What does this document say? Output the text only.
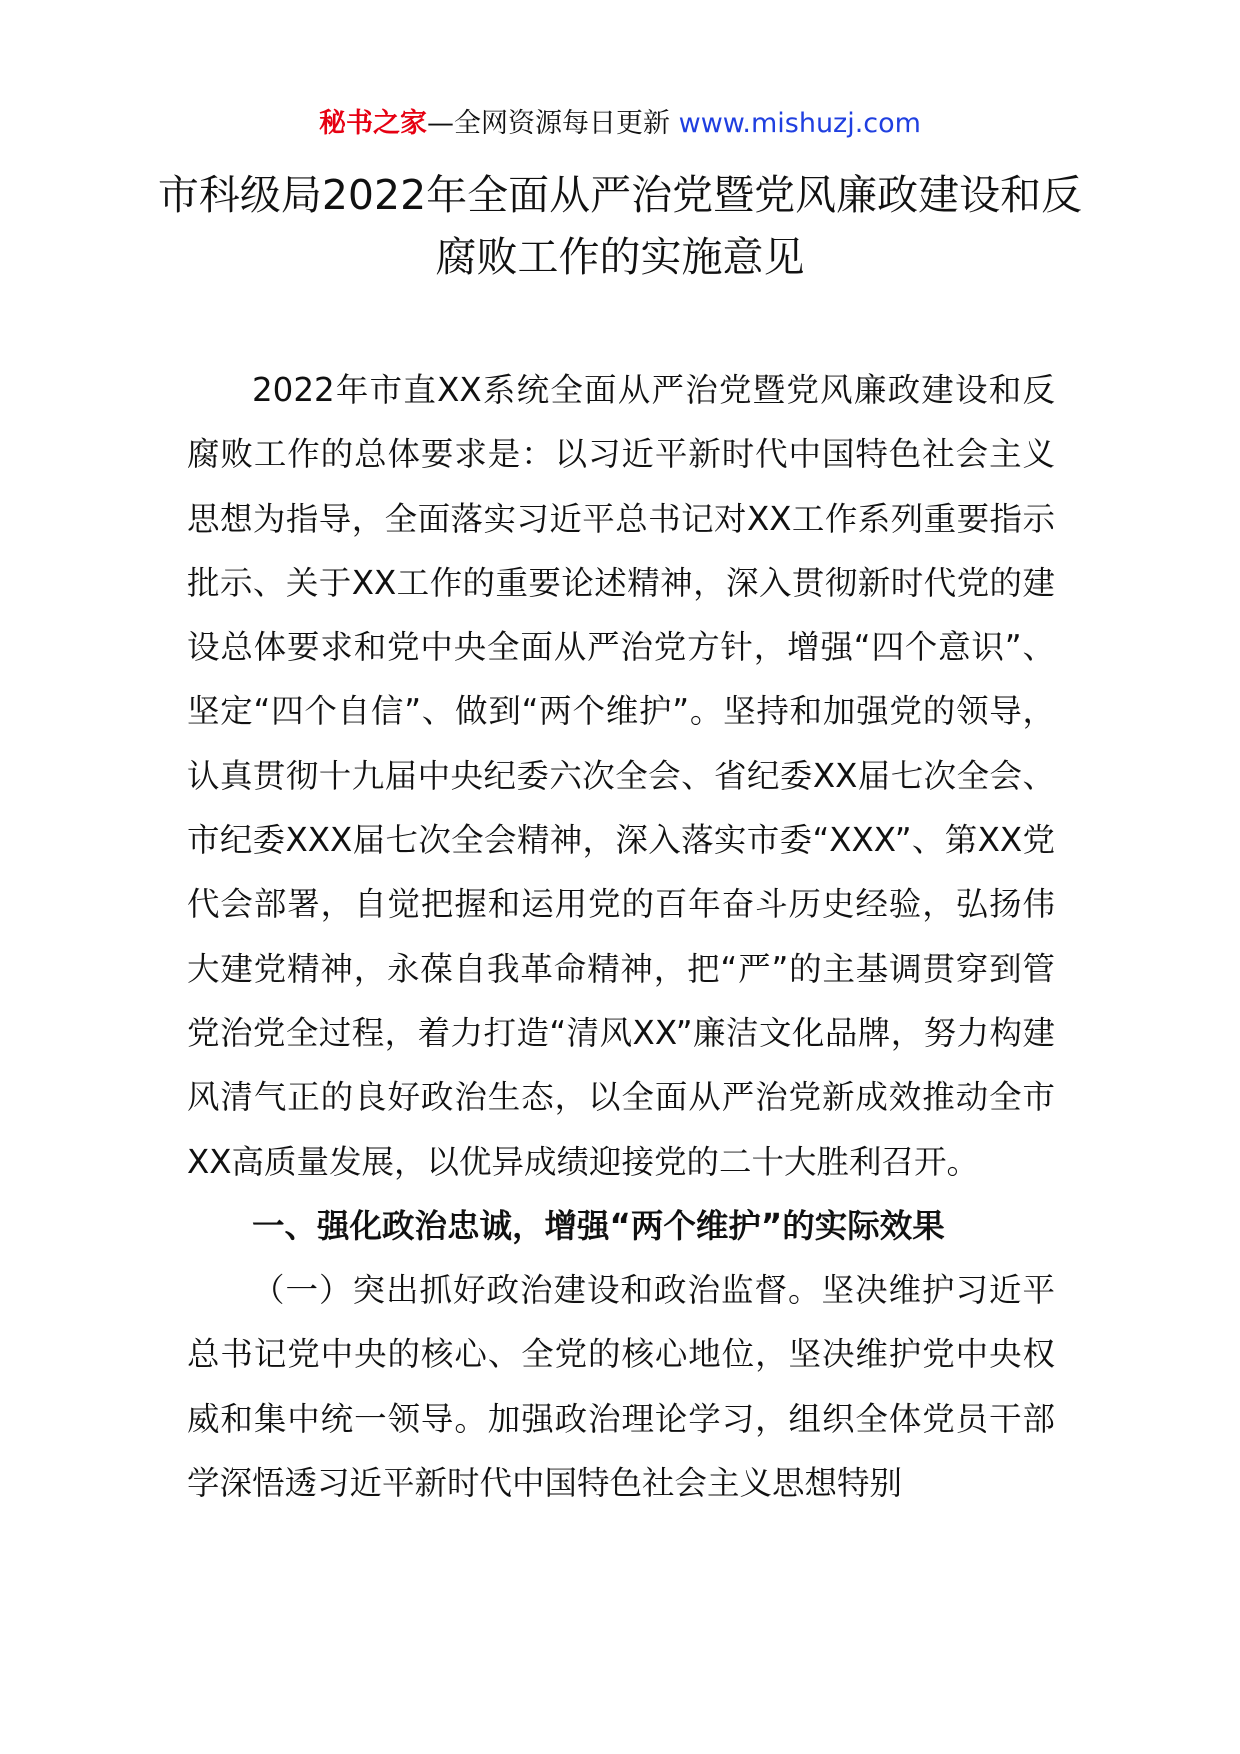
秘书之家—全网资源每日更新 www.mishuzj.com
市科级局2022年全面从严治党暨党风廉政建设和反腐败工作的实施意见

2022年市直XX系统全面从严治党暨党风廉政建设和反腐败工作的总体要求是：以习近平新时代中国特色社会主义思想为指导，全面落实习近平总书记对XX工作系列重要指示批示、关于XX工作的重要论述精神，深入贯彻新时代党的建设总体要求和党中央全面从严治党方针，增强“四个意识”、坚定“四个自信”、做到“两个维护”。坚持和加强党的领导，认真贯彻十九届中央纪委六次全会、省纪委XX届七次全会、市纪委XXX届七次全会精神，深入落实市委“XXX”、第XX党代会部署，自觉把握和运用党的百年奋斗历史经验，弘扬伟大建党精神，永葆自我革命精神，把“严”的主基调贯穿到管党治党全过程，着力打造“清风XX”廉洁文化品牌，努力构建风清气正的良好政治生态，以全面从严治党新成效推动全市XX高质量发展，以优异成绩迎接党的二十大胜利召开。

一、强化政治忠诚，增强“两个维护”的实际效果

（一）突出抓好政治建设和政治监督。坚决维护习近平总书记党中央的核心、全党的核心地位，坚决维护党中央权威和集中统一领导。加强政治理论学习，组织全体党员干部学深悟透习近平新时代中国特色社会主义思想特别
